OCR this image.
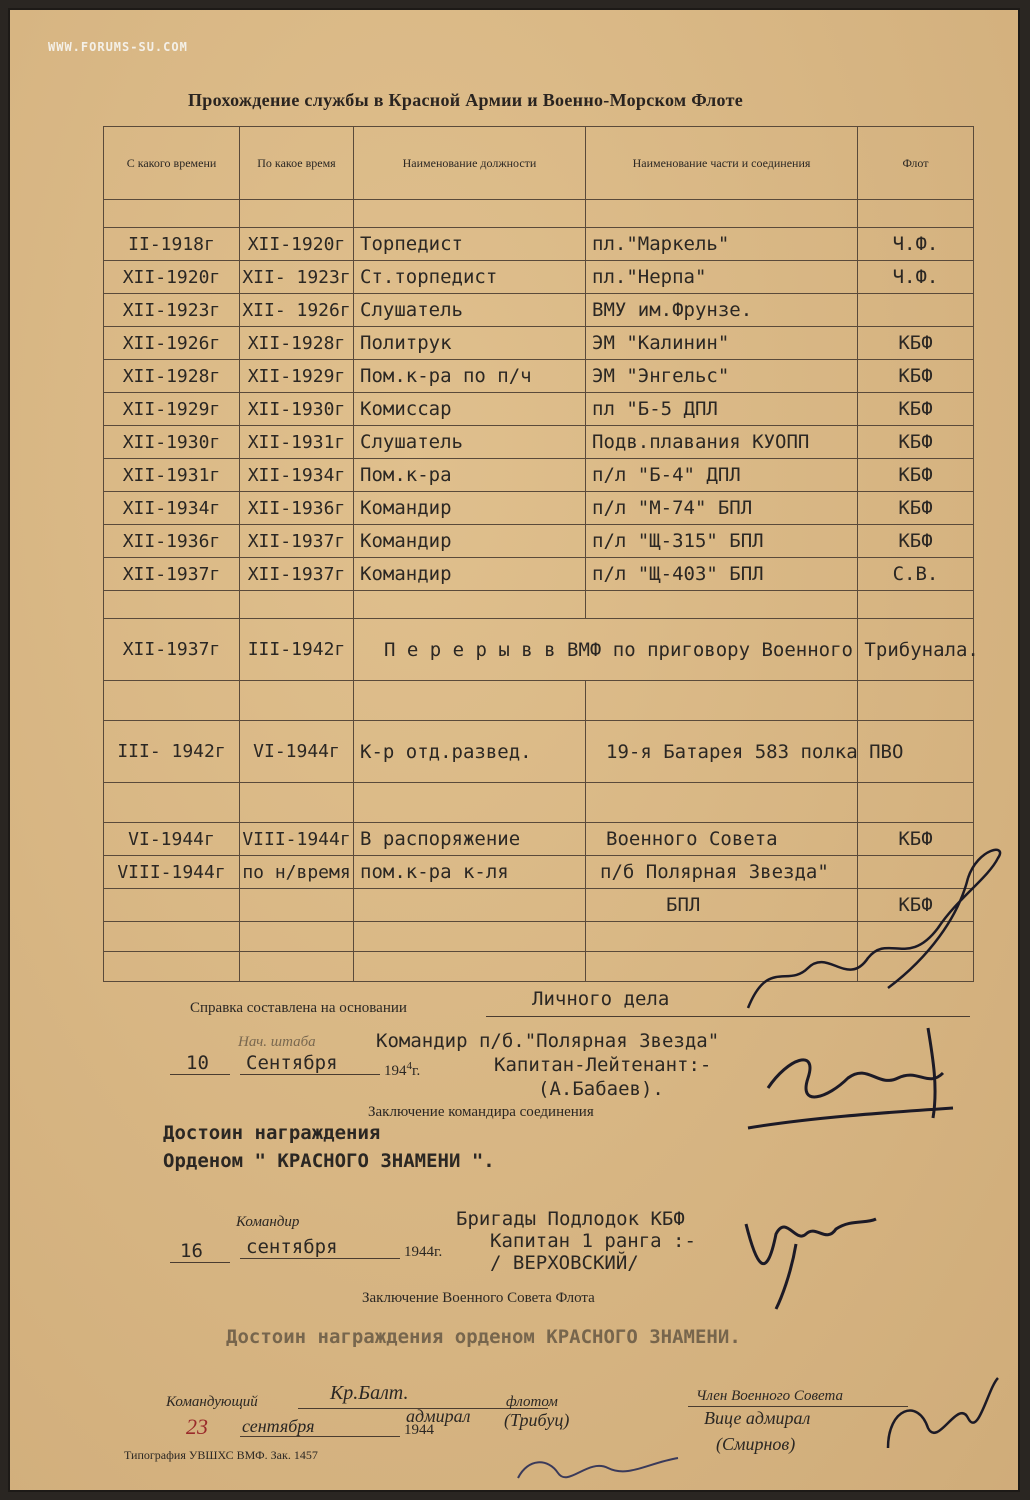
WWW.FORUMS-SU.COM
Прохождение службы в Красной Армии и Военно-Морском Флоте
С какого времени	По какое время	Наименование должности	Наименование части и соединения	Флот

II-1918г	XII-1920г	Торпедист	пл."Маркель"	Ч.Ф.
XII-1920г	XII- 1923г	Ст.торпедист	пл."Нерпа"	Ч.Ф.
XII-1923г	XII- 1926г	Слушатель	ВМУ им.Фрунзе.	
XII-1926г	XII-1928г	Политрук	ЭМ "Калинин"	КБФ
XII-1928г	XII-1929г	Пом.к-ра по п/ч	ЭМ "Энгельс"	КБФ
XII-1929г	XII-1930г	Комиссар	пл "Б-5 ДПЛ	КБФ
XII-1930г	XII-1931г	Слушатель	Подв.плавания КУОПП	КБФ
XII-1931г	XII-1934г	Пом.к-ра	п/л "Б-4" ДПЛ	КБФ
XII-1934г	XII-1936г	Командир	п/л "М-74" БПЛ	КБФ
XII-1936г	XII-1937г	Командир	п/л "Щ-315" БПЛ	КБФ
XII-1937г	XII-1937г	Командир	п/л "Щ-403" БПЛ	С.В.

XII-1937г	III-1942г	П е р е р ы в в ВМФ по приговору Военного Трибунала.		

III- 1942г	VI-1944г	К-р отд.развед.	19-я Батарея 583 полка ПВО	

VI-1944г	VIII-1944г	В распоряжение	Военного Совета	КБФ
VIII-1944г	по н/время	пом.к-ра к-ля	п/б Полярная Звезда"	
			БПЛ	КБФ

Справка составлена на основании	Личного дела
Нач. штаба	Командир п/б."Полярная Звезда"
10 Сентября	$194^4г$.	Капитан-Лейтенант:-
(А.Бабаев).
Заключение командира соединения
Достоин награждения
Орденом " КРАСНОГО ЗНАМЕНИ ".
Командир	Бригады Подлодок КБФ
Капитан 1 ранга :-
/ ВЕРХОВСКИЙ/
16 сентября	1944г.
Заключение Военного Совета Флота
Достоин награждения орденом КРАСНОГО ЗНАМЕНИ.
Командующий	Кр.Балт.	флотом
адмирал (Трибуц)
23 сентября	1944
Член Военного Совета
Вице адмирал
(Смирнов)
Типография УВШХС ВМФ. Зак. 1457
